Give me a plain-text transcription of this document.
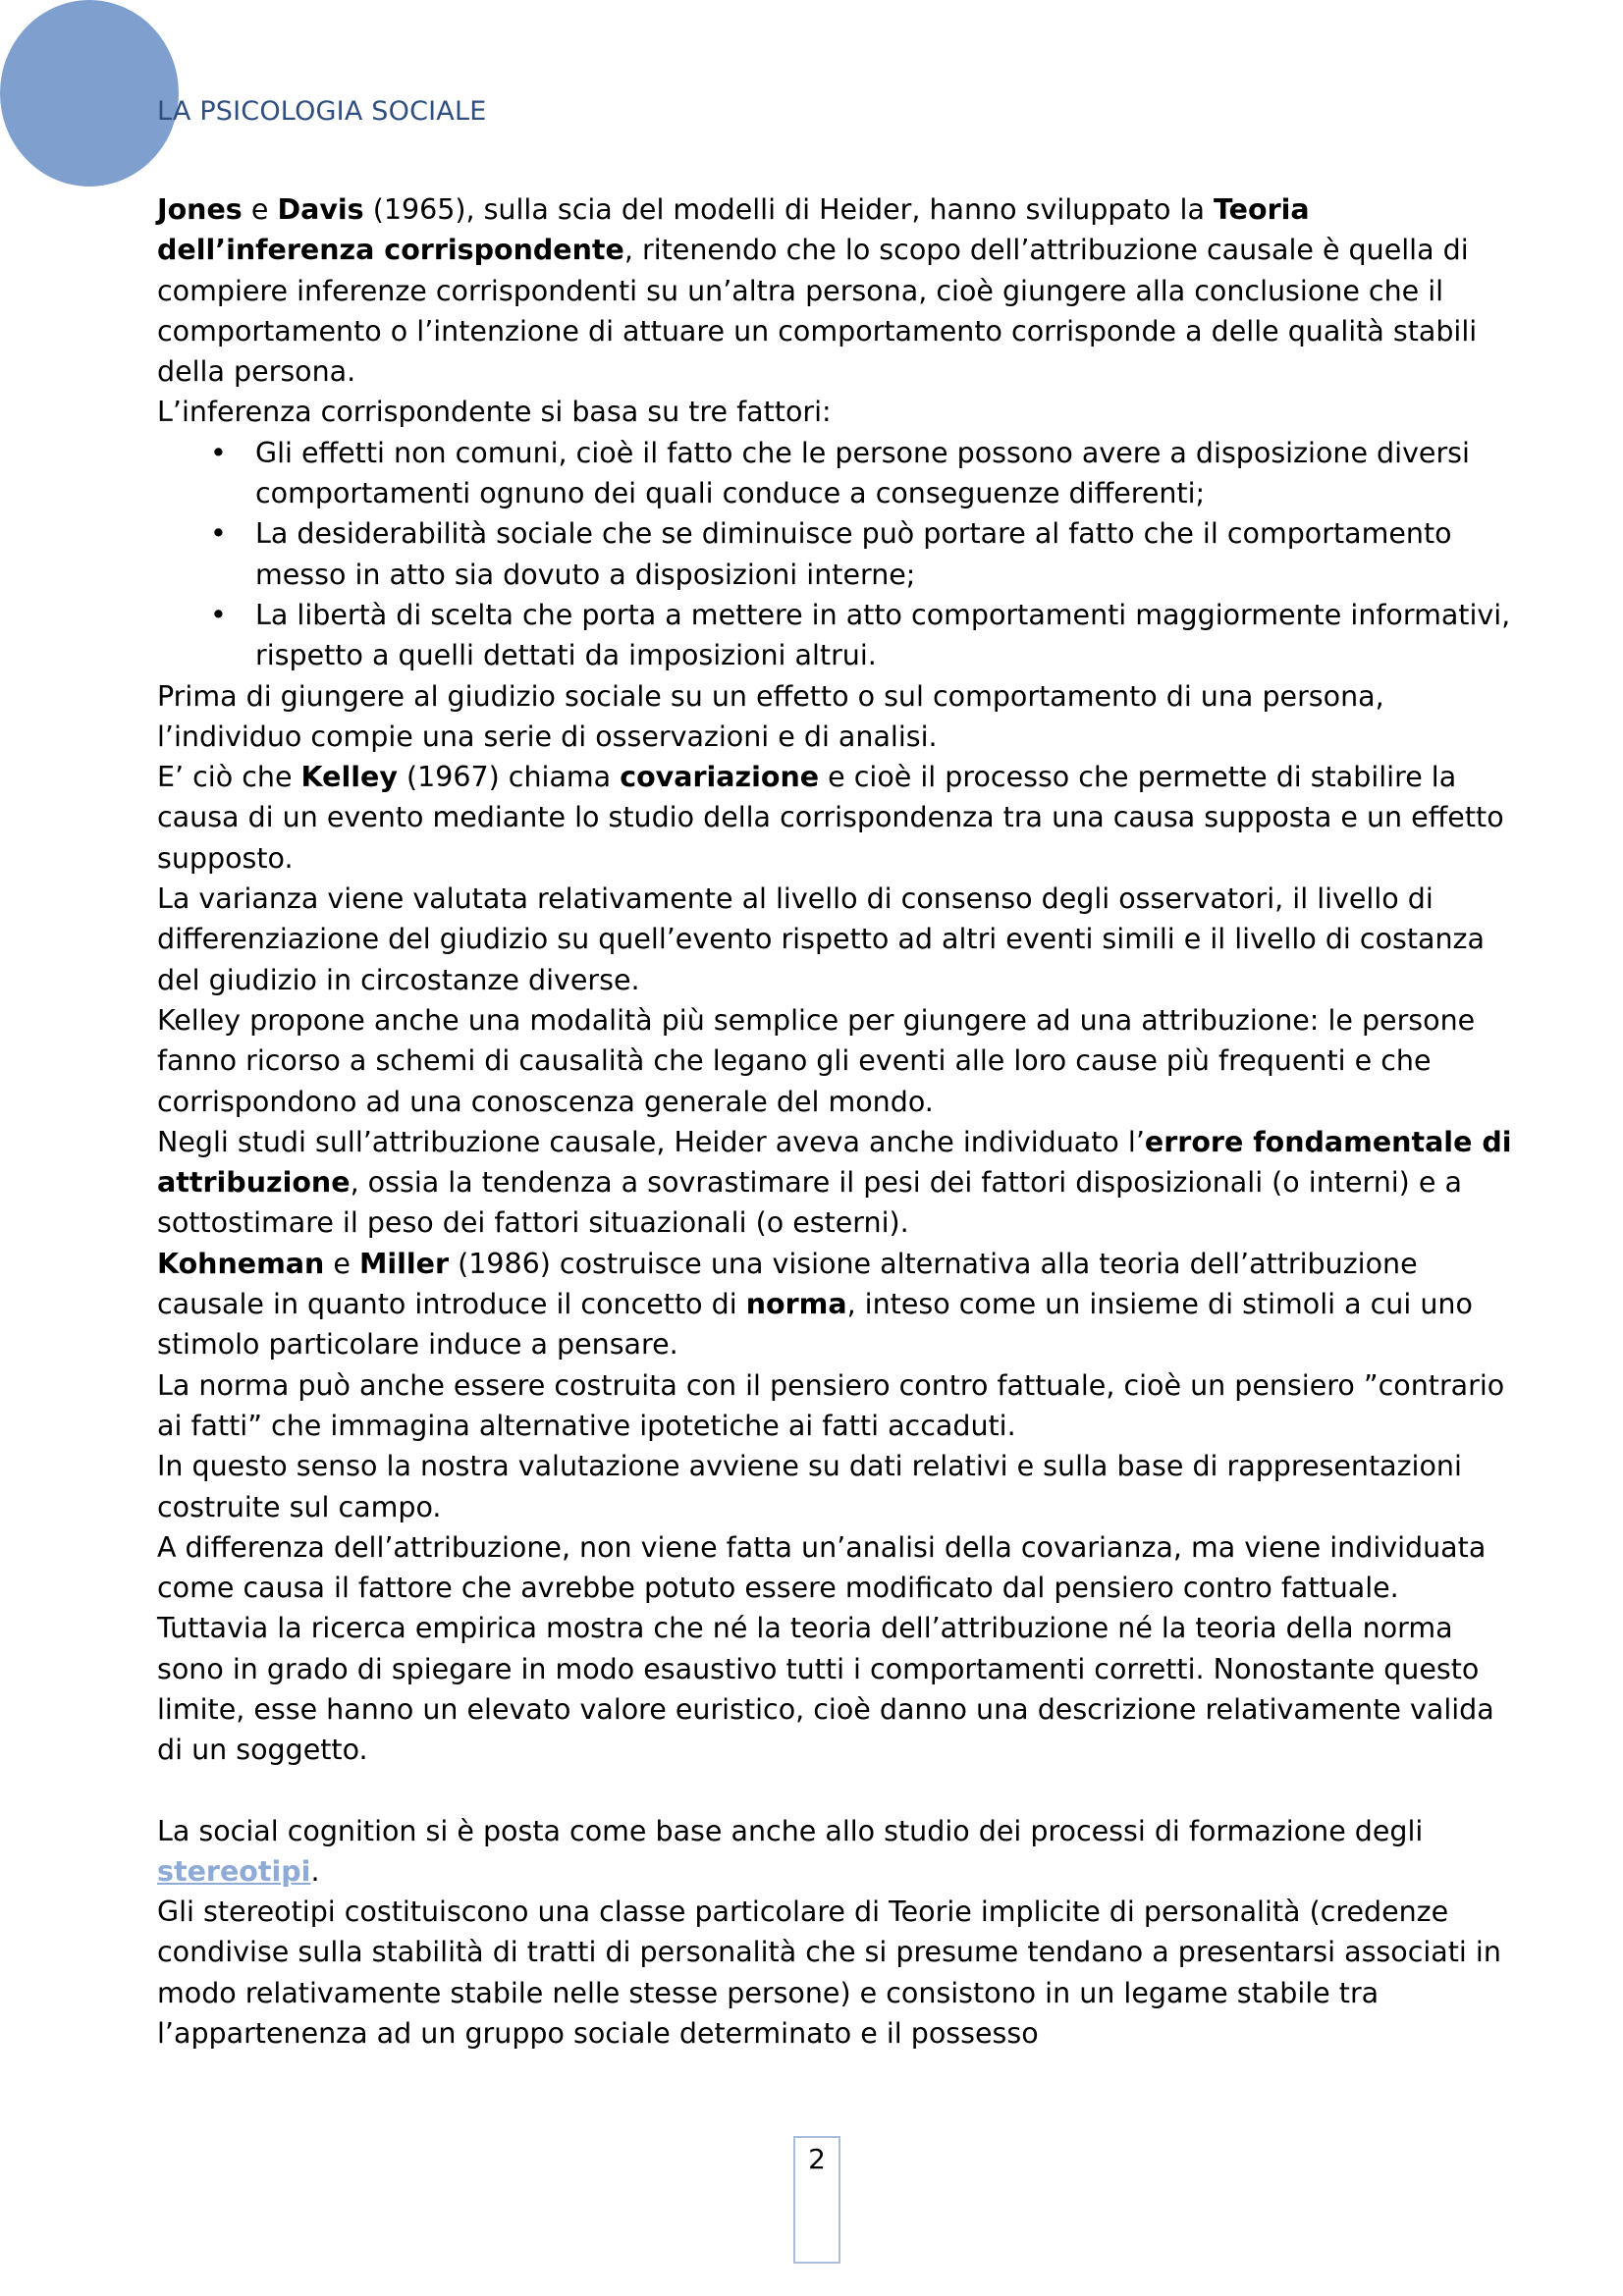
LA PSICOLOGIA SOCIALE

Jones e Davis (1965), sulla scia del modelli di Heider, hanno sviluppato la Teoria dell’inferenza corrispondente, ritenendo che lo scopo dell’attribuzione causale è quella di compiere inferenze corrispondenti su un’altra persona, cioè giungere alla conclusione che il comportamento o l’intenzione di attuare un comportamento corrisponde a delle qualità stabili della persona.

L’inferenza corrispondente si basa su tre fattori:

• Gli effetti non comuni, cioè il fatto che le persone possono avere a disposizione diversi comportamenti ognuno dei quali conduce a conseguenze differenti;
• La desiderabilità sociale che se diminuisce può portare al fatto che il comportamento messo in atto sia dovuto a disposizioni interne;
• La libertà di scelta che porta a mettere in atto comportamenti maggiormente informativi, rispetto a quelli dettati da imposizioni altrui.

Prima di giungere al giudizio sociale su un effetto o sul comportamento di una persona, l’individuo compie una serie di osservazioni e di analisi.

E’ ciò che Kelley (1967) chiama covariazione e cioè il processo che permette di stabilire la causa di un evento mediante lo studio della corrispondenza tra una causa supposta e un effetto supposto.

La varianza viene valutata relativamente al livello di consenso degli osservatori, il livello di differenziazione del giudizio su quell’evento rispetto ad altri eventi simili e il livello di costanza del giudizio in circostanze diverse.

Kelley propone anche una modalità più semplice per giungere ad una attribuzione: le persone fanno ricorso a schemi di causalità che legano gli eventi alle loro cause più frequenti e che corrispondono ad una conoscenza generale del mondo.

Negli studi sull’attribuzione causale, Heider aveva anche individuato l’errore fondamentale di attribuzione, ossia la tendenza a sovrastimare il pesi dei fattori disposizionali (o interni) e a sottostimare il peso dei fattori situazionali (o esterni).

Kohneman e Miller (1986) costruisce una visione alternativa alla teoria dell’attribuzione causale in quanto introduce il concetto di norma, inteso come un insieme di stimoli a cui uno stimolo particolare induce a pensare.

La norma può anche essere costruita con il pensiero contro fattuale, cioè un pensiero ”contrario ai fatti” che immagina alternative ipotetiche ai fatti accaduti.

In questo senso la nostra valutazione avviene su dati relativi e sulla base di rappresentazioni costruite sul campo.

A differenza dell’attribuzione, non viene fatta un’analisi della covarianza, ma viene individuata come causa il fattore che avrebbe potuto essere modificato dal pensiero contro fattuale.

Tuttavia la ricerca empirica mostra che né la teoria dell’attribuzione né la teoria della norma sono in grado di spiegare in modo esaustivo tutti i comportamenti corretti. Nonostante questo limite, esse hanno un elevato valore euristico, cioè danno una descrizione relativamente valida di un soggetto.

La social cognition si è posta come base anche allo studio dei processi di formazione degli stereotipi.

Gli stereotipi costituiscono una classe particolare di Teorie implicite di personalità (credenze condivise sulla stabilità di tratti di personalità che si presume tendano a presentarsi associati in modo relativamente stabile nelle stesse persone) e consistono in un legame stabile tra l’appartenenza ad un gruppo sociale determinato e il possesso

2
